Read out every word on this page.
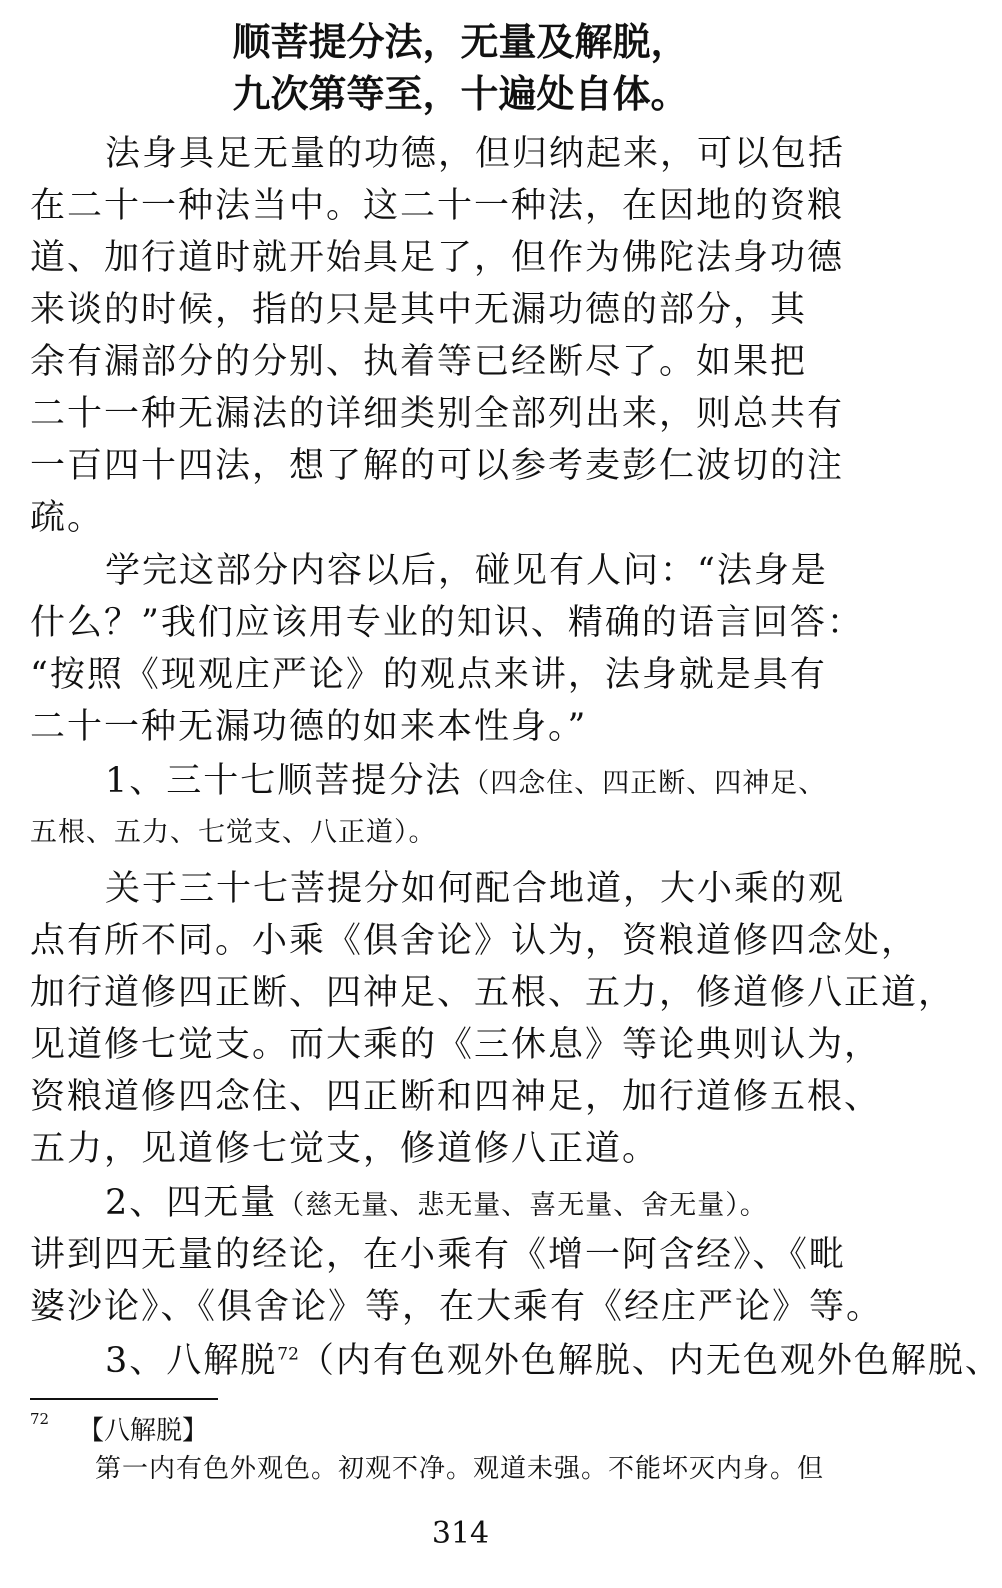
顺菩提分法，无量及解脱，
九次第等至，十遍处自体。
法身具足无量的功德，但归纳起来，可以包括
在二十一种法当中。这二十一种法，在因地的资粮
道、加行道时就开始具足了，但作为佛陀法身功德
来谈的时候，指的只是其中无漏功德的部分，其
余有漏部分的分别、执着等已经断尽了。如果把
二十一种无漏法的详细类别全部列出来，则总共有
一百四十四法，想了解的可以参考麦彭仁波切的注
疏。
学完这部分内容以后，碰见有人问：“法身是
什么？”我们应该用专业的知识、精确的语言回答：
“按照《现观庄严论》的观点来讲，法身就是具有
二十一种无漏功德的如来本性身。”
1、三十七顺菩提分法（四念住、四正断、四神足、
五根、五力、七觉支、八正道）。
关于三十七菩提分如何配合地道，大小乘的观
点有所不同。小乘《俱舍论》认为，资粮道修四念处，
加行道修四正断、四神足、五根、五力，修道修八正道，
见道修七觉支。而大乘的《三休息》等论典则认为，
资粮道修四念住、四正断和四神足，加行道修五根、
五力，见道修七觉支，修道修八正道。
2、四无量（慈无量、悲无量、喜无量、舍无量）。
讲到四无量的经论，在小乘有《增一阿含经》、《毗
婆沙论》、《俱舍论》等，在大乘有《经庄严论》等。
3、八解脱$^{72}$（内有色观外色解脱、内无色观外色解脱、
72 【八解脱】
第一内有色外观色。初观不净。观道未强。不能坏灭内身。但
314
